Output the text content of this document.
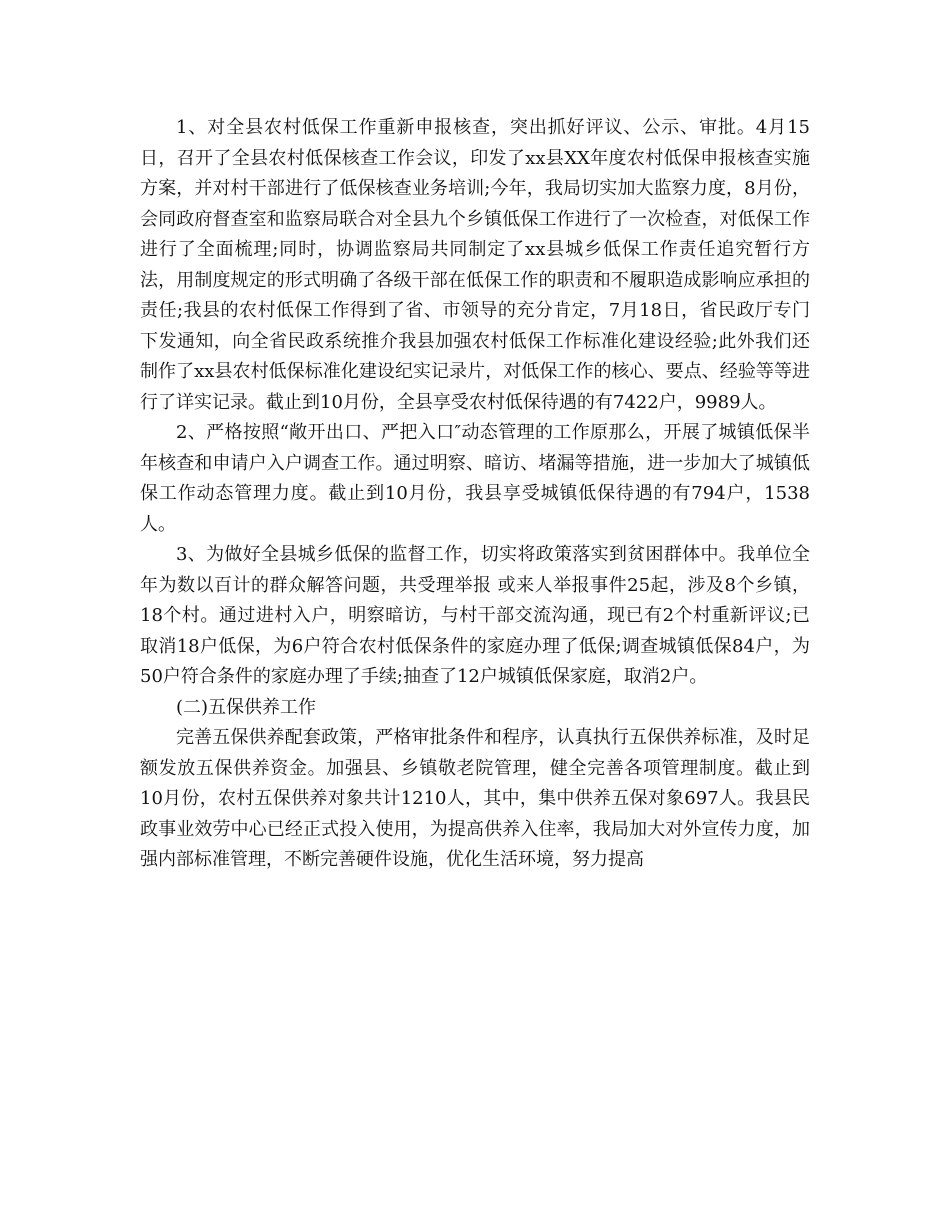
1、对全县农村低保工作重新申报核查，突出抓好评议、公示、审批。4月15日，召开了全县农村低保核查工作会议，印发了xx县XX年度农村低保申报核查实施方案，并对村干部进行了低保核查业务培训;今年，我局切实加大监察力度，8月份，会同政府督查室和监察局联合对全县九个乡镇低保工作进行了一次检查，对低保工作进行了全面梳理;同时，协调监察局共同制定了xx县城乡低保工作责任追究暂行方法，用制度规定的形式明确了各级干部在低保工作的职责和不履职造成影响应承担的责任;我县的农村低保工作得到了省、市领导的充分肯定，7月18日，省民政厅专门下发通知，向全省民政系统推介我县加强农村低保工作标准化建设经验;此外我们还制作了xx县农村低保标准化建设纪实记录片，对低保工作的核心、要点、经验等等进行了详实记录。截止到10月份，全县享受农村低保待遇的有7422户，9989人。

2、严格按照“敞开出口、严把入口″动态管理的工作原那么，开展了城镇低保半年核查和申请户入户调查工作。通过明察、暗访、堵漏等措施，进一步加大了城镇低保工作动态管理力度。截止到10月份，我县享受城镇低保待遇的有794户，1538人。

3、为做好全县城乡低保的监督工作，切实将政策落实到贫困群体中。我单位全年为数以百计的群众解答问题，共受理举报 或来人举报事件25起，涉及8个乡镇，18个村。通过进村入户，明察暗访，与村干部交流沟通，现已有2个村重新评议;已取消18户低保，为6户符合农村低保条件的家庭办理了低保;调查城镇低保84户，为50户符合条件的家庭办理了手续;抽查了12户城镇低保家庭，取消2户。

(二)五保供养工作

完善五保供养配套政策，严格审批条件和程序，认真执行五保供养标准，及时足额发放五保供养资金。加强县、乡镇敬老院管理，健全完善各项管理制度。截止到10月份，农村五保供养对象共计1210人，其中，集中供养五保对象697人。我县民政事业效劳中心已经正式投入使用，为提高供养入住率，我局加大对外宣传力度，加强内部标准管理，不断完善硬件设施，优化生活环境，努力提高
